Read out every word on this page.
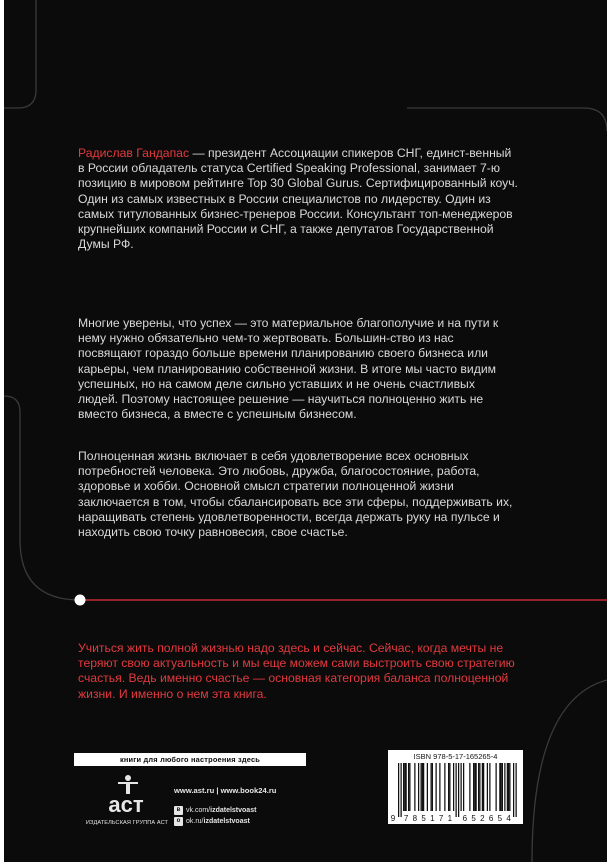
Радислав Гандапас — президент Ассоциации спикеров СНГ, единст-венный в России обладатель статуса Certified Speaking Professional, занимает 7-ю позицию в мировом рейтинге Top 30 Global Gurus. Сертифицированный коуч. Один из самых известных в России специалистов по лидерству. Один из самых титулованных бизнес-тренеров России. Консультант топ-менеджеров крупнейших компаний России и СНГ, а также депутатов Государственной Думы РФ.
Многие уверены, что успех — это материальное благополучие и на пути к нему нужно обязательно чем-то жертвовать. Большин-ство из нас посвящают гораздо больше времени планированию своего бизнеса или карьеры, чем планированию собственной жизни. В итоге мы часто видим успешных, но на самом деле сильно уставших и не очень счастливых людей. Поэтому настоящее решение — научиться полноценно жить не вместо бизнеса, а вместе с успешным бизнесом.
Полноценная жизнь включает в себя удовлетворение всех основных потребностей человека. Это любовь, дружба, благосостояние, работа, здоровье и хобби. Основной смысл стратегии полноценной жизни заключается в том, чтобы сбалансировать все эти сферы, поддерживать их, наращивать степень удовлетворенности, всегда держать руку на пульсе и находить свою точку равновесия, свое счастье.
Учиться жить полной жизнью надо здесь и сейчас. Сейчас, когда мечты не теряют свою актуальность и мы еще можем сами выстроить свою стратегию счастья. Ведь именно счастье — основная категория баланса полноценной жизни. И именно о нем эта книга.
книги для любого настроения здесь
аст
ИЗДАТЕЛЬСКАЯ ГРУППА АСТ
www.ast.ru | www.book24.ru
в vk.com/ izdatelstvoast
о ok.ru/ izdatelstvoast
ISBN 978-5-17-165265-4
9 7 8 5 1 7 1 6 5 2 6 5 4
